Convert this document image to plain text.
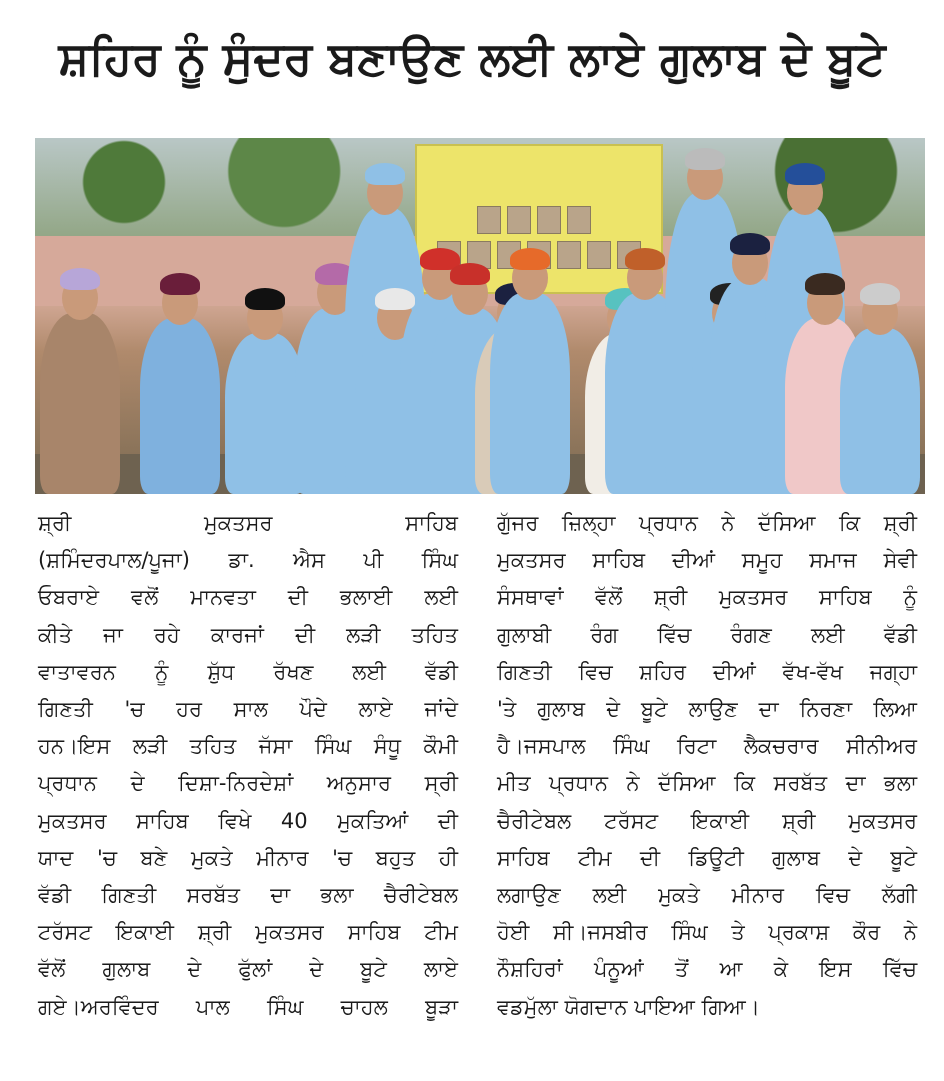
ਸ਼ਹਿਰ ਨੂੰ ਸੁੰਦਰ ਬਣਾਉਣ ਲਈ ਲਾਏ ਗੁਲਾਬ ਦੇ ਬੂਟੇ
ਸ਼੍ਰੀ ਮੁਕਤਸਰ ਸਾਹਿਬ
(ਸ਼ਮਿੰਦਰਪਾਲ/ਪੂਜਾ) ਡਾ. ਐਸ ਪੀ ਸਿੰਘ
ਓਬਰਾਏ ਵਲੋਂ ਮਾਨਵਤਾ ਦੀ ਭਲਾਈ ਲਈ
ਕੀਤੇ ਜਾ ਰਹੇ ਕਾਰਜਾਂ ਦੀ ਲੜੀ ਤਹਿਤ
ਵਾਤਾਵਰਨ ਨੂੰ ਸ਼ੁੱਧ ਰੱਖਣ ਲਈ ਵੱਡੀ
ਗਿਣਤੀ 'ਚ ਹਰ ਸਾਲ ਪੌਦੇ ਲਾਏ ਜਾਂਦੇ
ਹਨ।ਇਸ ਲੜੀ ਤਹਿਤ ਜੱਸਾ ਸਿੰਘ ਸੰਧੂ ਕੌਮੀ
ਪ੍ਰਧਾਨ ਦੇ ਦਿਸ਼ਾ-ਨਿਰਦੇਸ਼ਾਂ ਅਨੁਸਾਰ ਸ੍ਰੀ
ਮੁਕਤਸਰ ਸਾਹਿਬ ਵਿਖੇ 40 ਮੁਕਤਿਆਂ ਦੀ
ਯਾਦ 'ਚ ਬਣੇ ਮੁਕਤੇ ਮੀਨਾਰ 'ਚ ਬਹੁਤ ਹੀ
ਵੱਡੀ ਗਿਣਤੀ ਸਰਬੱਤ ਦਾ ਭਲਾ ਚੈਰੀਟੇਬਲ
ਟਰੱਸਟ ਇਕਾਈ ਸ਼੍ਰੀ ਮੁਕਤਸਰ ਸਾਹਿਬ ਟੀਮ
ਵੱਲੋਂ ਗੁਲਾਬ ਦੇ ਫੁੱਲਾਂ ਦੇ ਬੂਟੇ ਲਾਏ
ਗਏ।ਅਰਵਿੰਦਰ ਪਾਲ ਸਿੰਘ ਚਾਹਲ ਬੂੜਾ
ਗੁੱਜਰ ਜ਼ਿਲ੍ਹਾ ਪ੍ਰਧਾਨ ਨੇ ਦੱਸਿਆ ਕਿ ਸ਼੍ਰੀ
ਮੁਕਤਸਰ ਸਾਹਿਬ ਦੀਆਂ ਸਮੂਹ ਸਮਾਜ ਸੇਵੀ
ਸੰਸਥਾਵਾਂ ਵੱਲੋਂ ਸ਼੍ਰੀ ਮੁਕਤਸਰ ਸਾਹਿਬ ਨੂੰ
ਗੁਲਾਬੀ ਰੰਗ ਵਿੱਚ ਰੰਗਣ ਲਈ ਵੱਡੀ
ਗਿਣਤੀ ਵਿਚ ਸ਼ਹਿਰ ਦੀਆਂ ਵੱਖ-ਵੱਖ ਜਗ੍ਹਾ
'ਤੇ ਗੁਲਾਬ ਦੇ ਬੂਟੇ ਲਾਉਣ ਦਾ ਨਿਰਣਾ ਲਿਆ
ਹੈ।ਜਸਪਾਲ ਸਿੰਘ ਰਿਟਾ ਲੈਕਚਰਾਰ ਸੀਨੀਅਰ
ਮੀਤ ਪ੍ਰਧਾਨ ਨੇ ਦੱਸਿਆ ਕਿ ਸਰਬੱਤ ਦਾ ਭਲਾ
ਚੈਰੀਟੇਬਲ ਟਰੱਸਟ ਇਕਾਈ ਸ਼੍ਰੀ ਮੁਕਤਸਰ
ਸਾਹਿਬ ਟੀਮ ਦੀ ਡਿਊਟੀ ਗੁਲਾਬ ਦੇ ਬੂਟੇ
ਲਗਾਉਣ ਲਈ ਮੁਕਤੇ ਮੀਨਾਰ ਵਿਚ ਲੱਗੀ
ਹੋਈ ਸੀ।ਜਸਬੀਰ ਸਿੰਘ ਤੇ ਪ੍ਰਕਾਸ਼ ਕੌਰ ਨੇ
ਨੌਸ਼ਹਿਰਾਂ ਪੰਨੂਆਂ ਤੋਂ ਆ ਕੇ ਇਸ ਵਿੱਚ
ਵਡਮੁੱਲਾ ਯੋਗਦਾਨ ਪਾਇਆ ਗਿਆ।
